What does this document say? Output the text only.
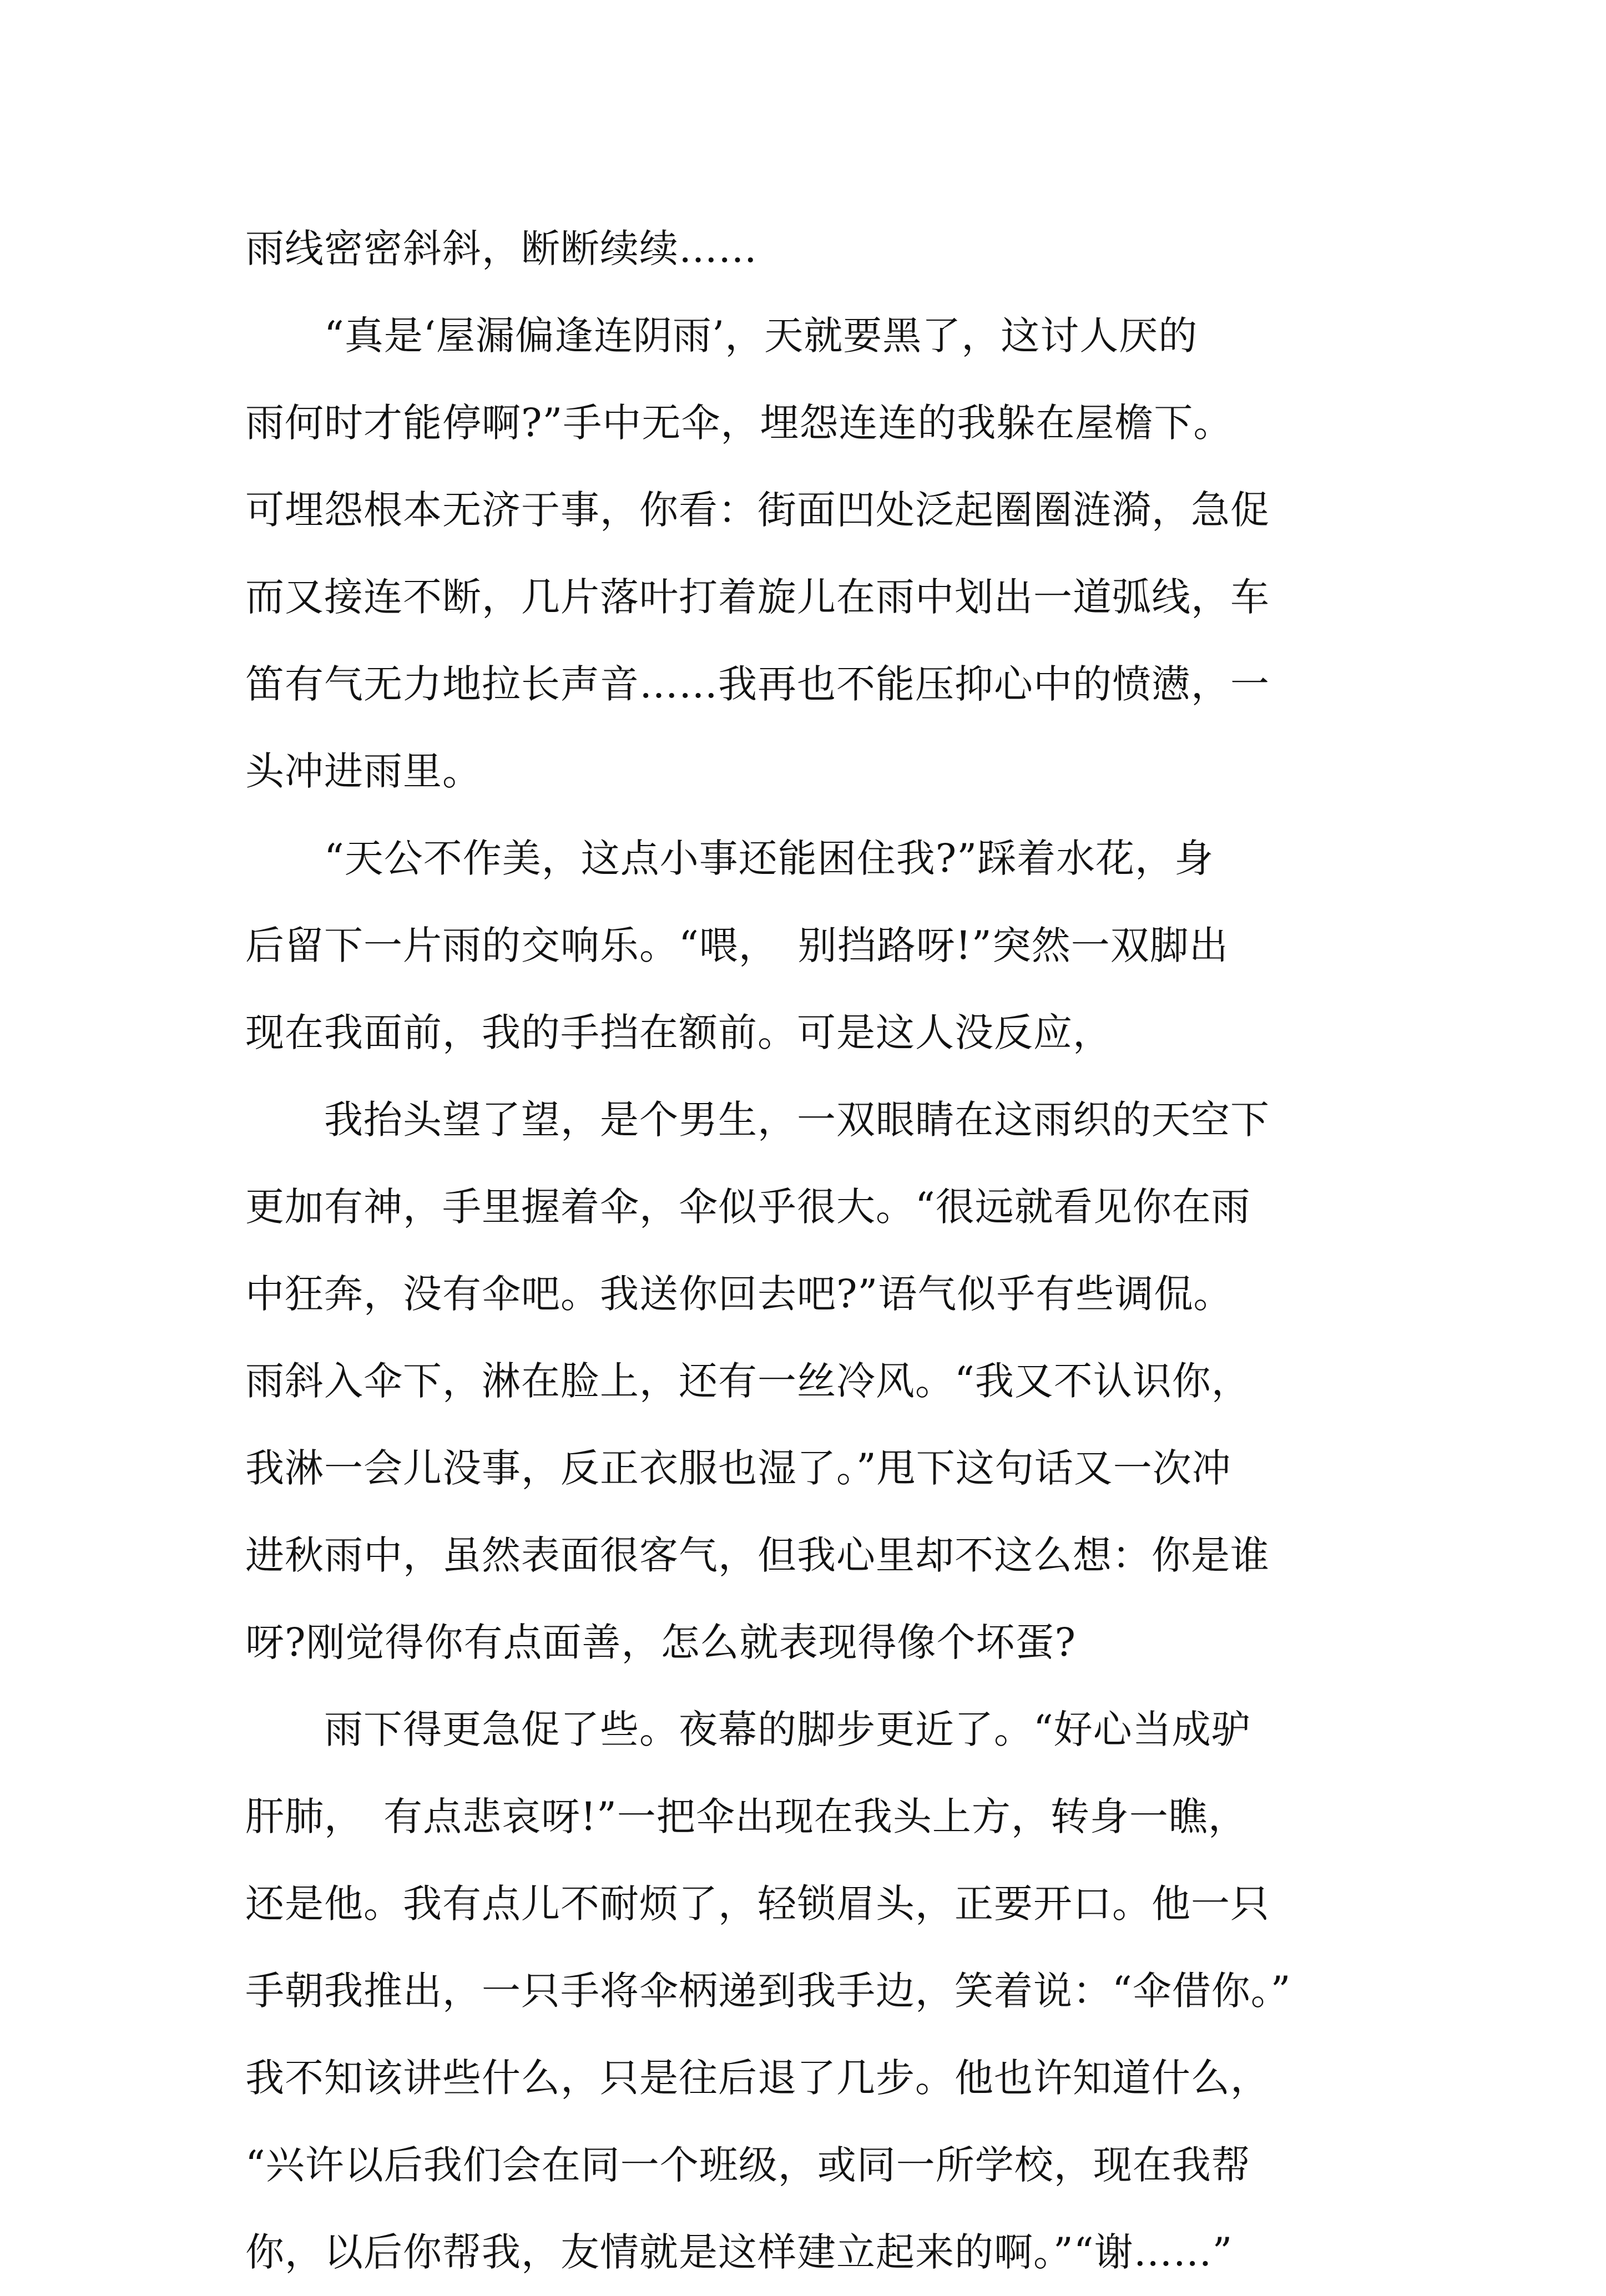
雨线密密斜斜，断断续续……
　　“真是‘屋漏偏逢连阴雨’，天就要黑了，这讨人厌的
雨何时才能停啊?”手中无伞，埋怨连连的我躲在屋檐下。
可埋怨根本无济于事，你看：街面凹处泛起圈圈涟漪，急促
而又接连不断，几片落叶打着旋儿在雨中划出一道弧线，车
笛有气无力地拉长声音……我再也不能压抑心中的愤懑，一
头冲进雨里。
　　“天公不作美，这点小事还能困住我?”踩着水花，身
后留下一片雨的交响乐。“喂，　别挡路呀!”突然一双脚出
现在我面前，我的手挡在额前。可是这人没反应，
　　我抬头望了望，是个男生，一双眼睛在这雨织的天空下
更加有神，手里握着伞，伞似乎很大。“很远就看见你在雨
中狂奔，没有伞吧。我送你回去吧?”语气似乎有些调侃。
雨斜入伞下，淋在脸上，还有一丝冷风。“我又不认识你，
我淋一会儿没事，反正衣服也湿了。”甩下这句话又一次冲
进秋雨中，虽然表面很客气，但我心里却不这么想：你是谁
呀?刚觉得你有点面善，怎么就表现得像个坏蛋?
　　雨下得更急促了些。夜幕的脚步更近了。“好心当成驴
肝肺，　有点悲哀呀!”一把伞出现在我头上方，转身一瞧，
还是他。我有点儿不耐烦了，轻锁眉头，正要开口。他一只
手朝我推出，一只手将伞柄递到我手边，笑着说：“伞借你。”
我不知该讲些什么，只是往后退了几步。他也许知道什么，
“兴许以后我们会在同一个班级，或同一所学校，现在我帮
你，以后你帮我，友情就是这样建立起来的啊。”“谢……”
